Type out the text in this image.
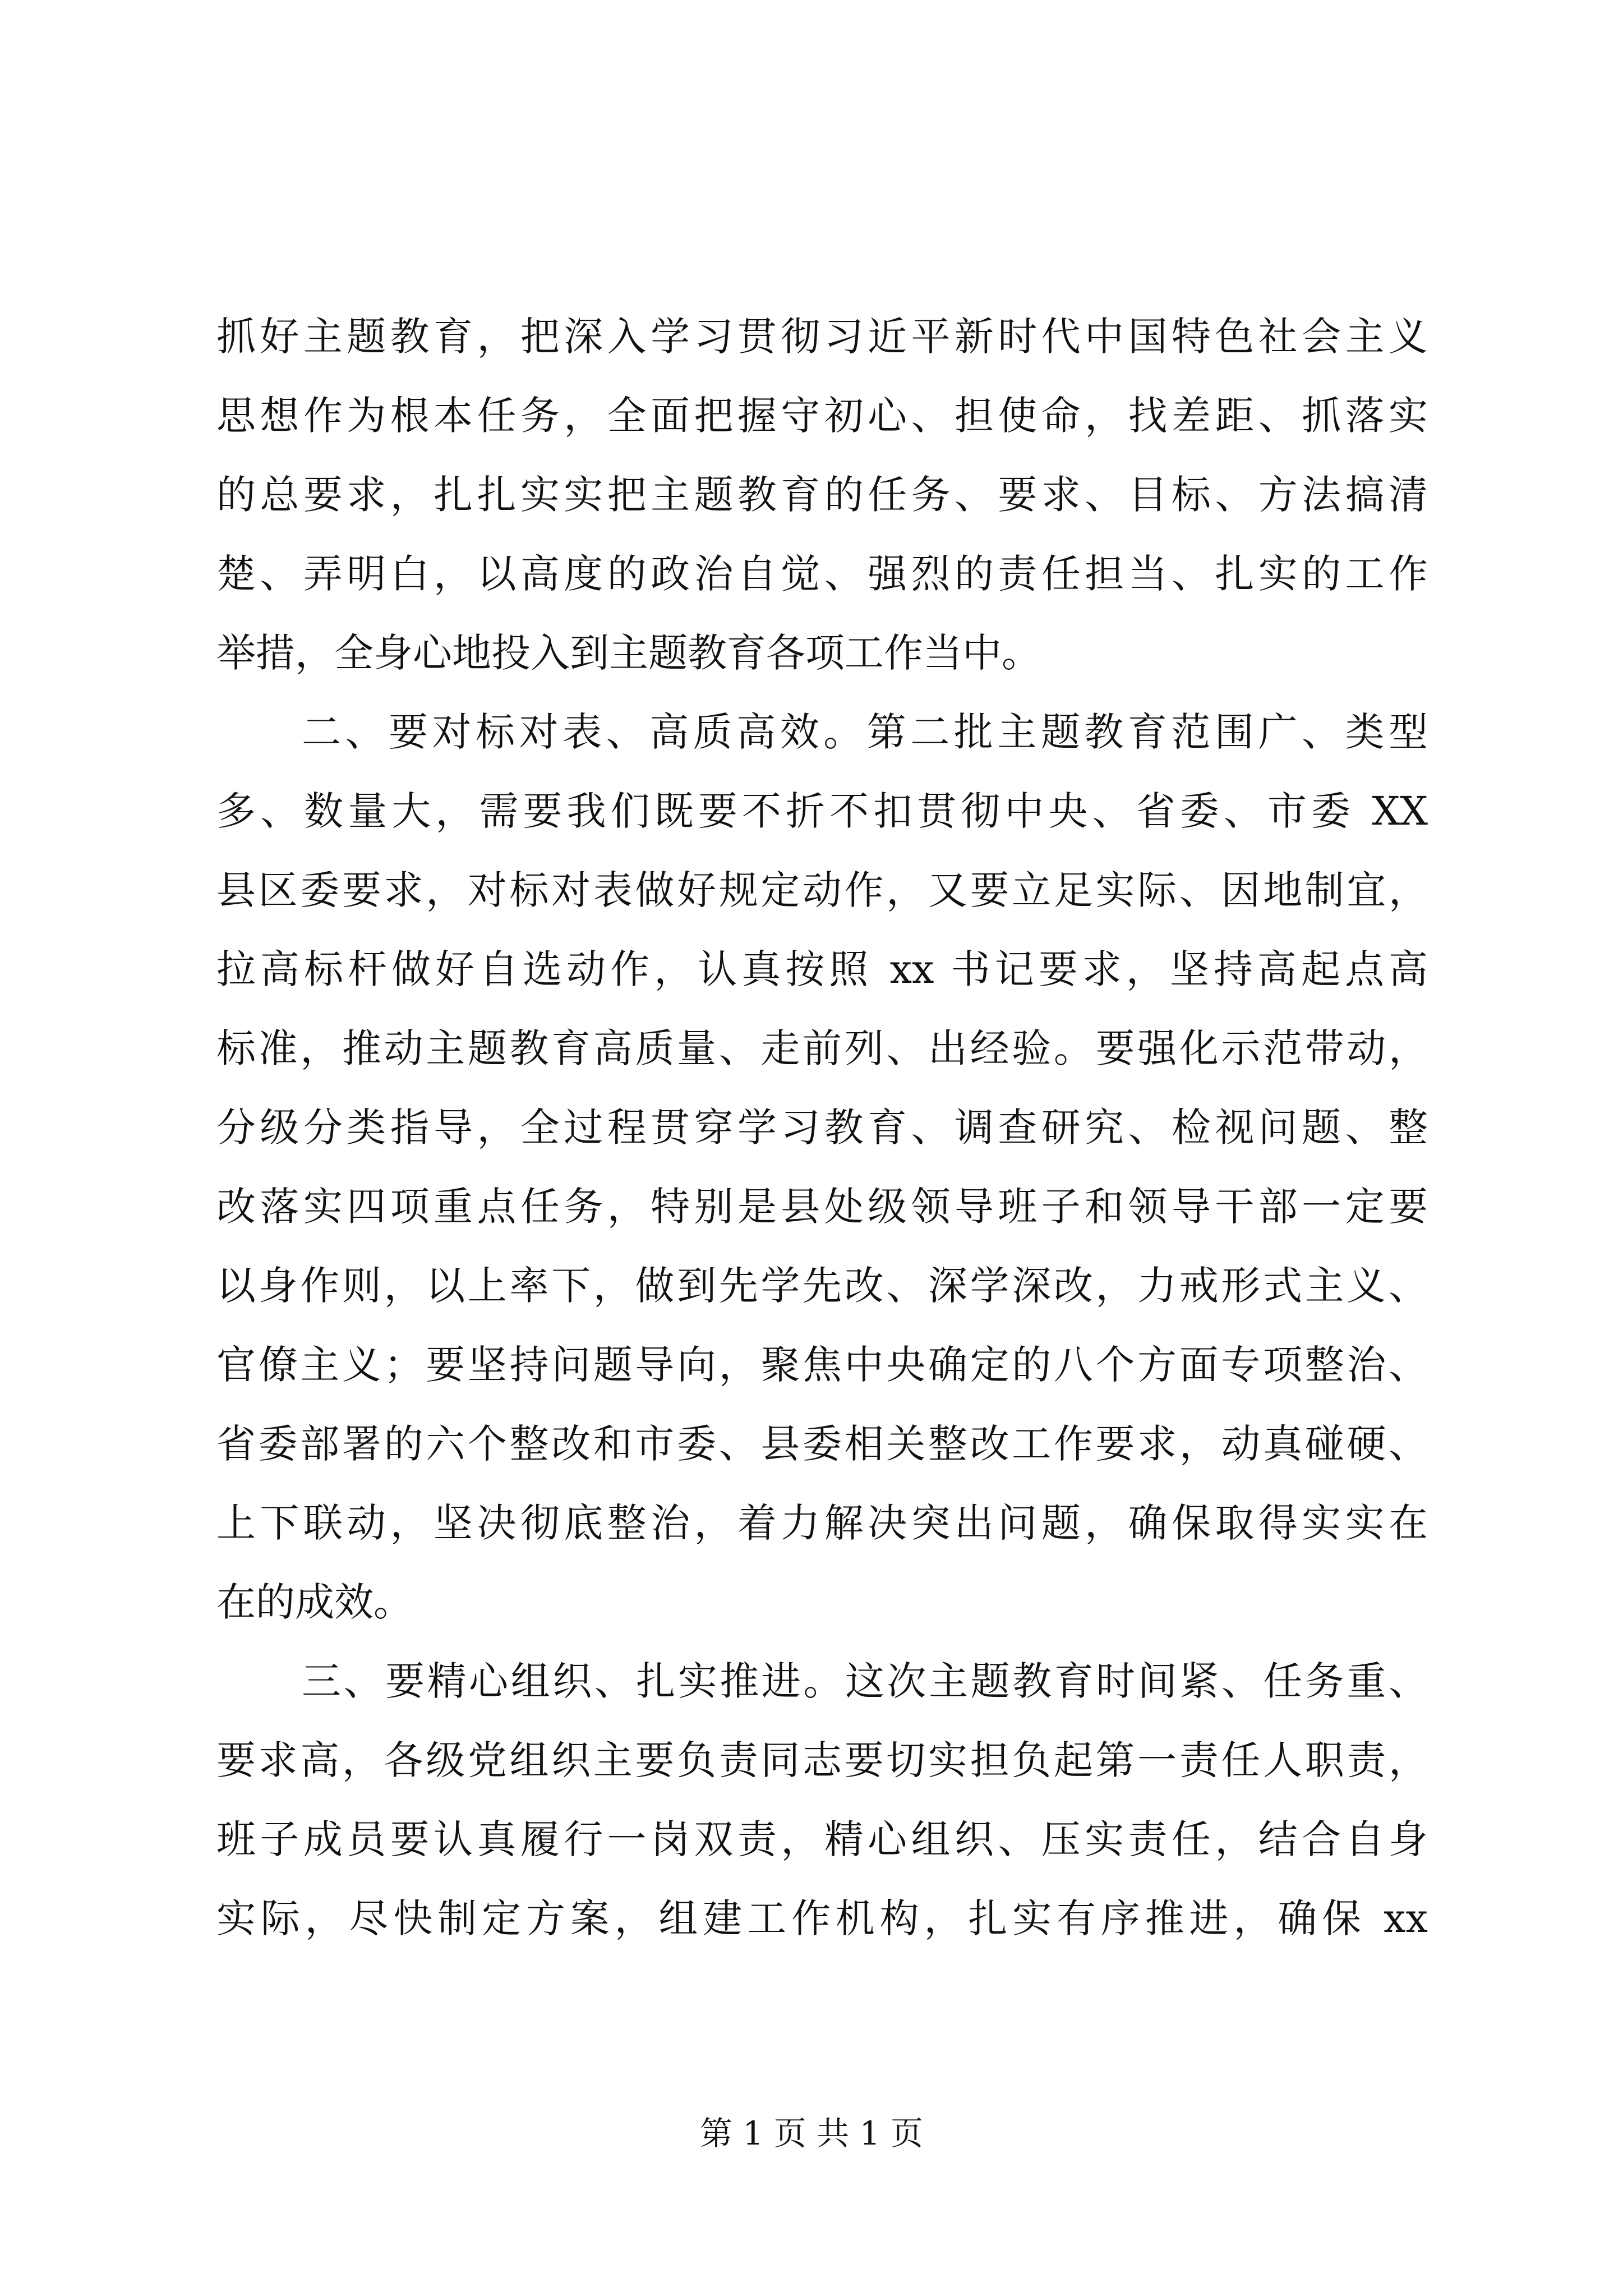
抓好主题教育，把深入学习贯彻习近平新时代中国特色社会主义
思想作为根本任务，全面把握守初心、担使命，找差距、抓落实
的总要求，扎扎实实把主题教育的任务、要求、目标、方法搞清
楚、弄明白，以高度的政治自觉、强烈的责任担当、扎实的工作
举措，全身心地投入到主题教育各项工作当中。
二、要对标对表、高质高效。第二批主题教育范围广、类型
多、数量大，需要我们既要不折不扣贯彻中央、省委、市委 XX
县区委要求，对标对表做好规定动作，又要立足实际、因地制宜，
拉高标杆做好自选动作，认真按照 xx 书记要求，坚持高起点高
标准，推动主题教育高质量、走前列、出经验。要强化示范带动，
分级分类指导，全过程贯穿学习教育、调查研究、检视问题、整
改落实四项重点任务，特别是县处级领导班子和领导干部一定要
以身作则，以上率下，做到先学先改、深学深改，力戒形式主义、
官僚主义；要坚持问题导向，聚焦中央确定的八个方面专项整治、
省委部署的六个整改和市委、县委相关整改工作要求，动真碰硬、
上下联动，坚决彻底整治，着力解决突出问题，确保取得实实在
在的成效。
三、要精心组织、扎实推进。这次主题教育时间紧、任务重、
要求高，各级党组织主要负责同志要切实担负起第一责任人职责，
班子成员要认真履行一岗双责，精心组织、压实责任，结合自身
实际，尽快制定方案，组建工作机构，扎实有序推进，确保 xx
第 1 页 共 1 页
